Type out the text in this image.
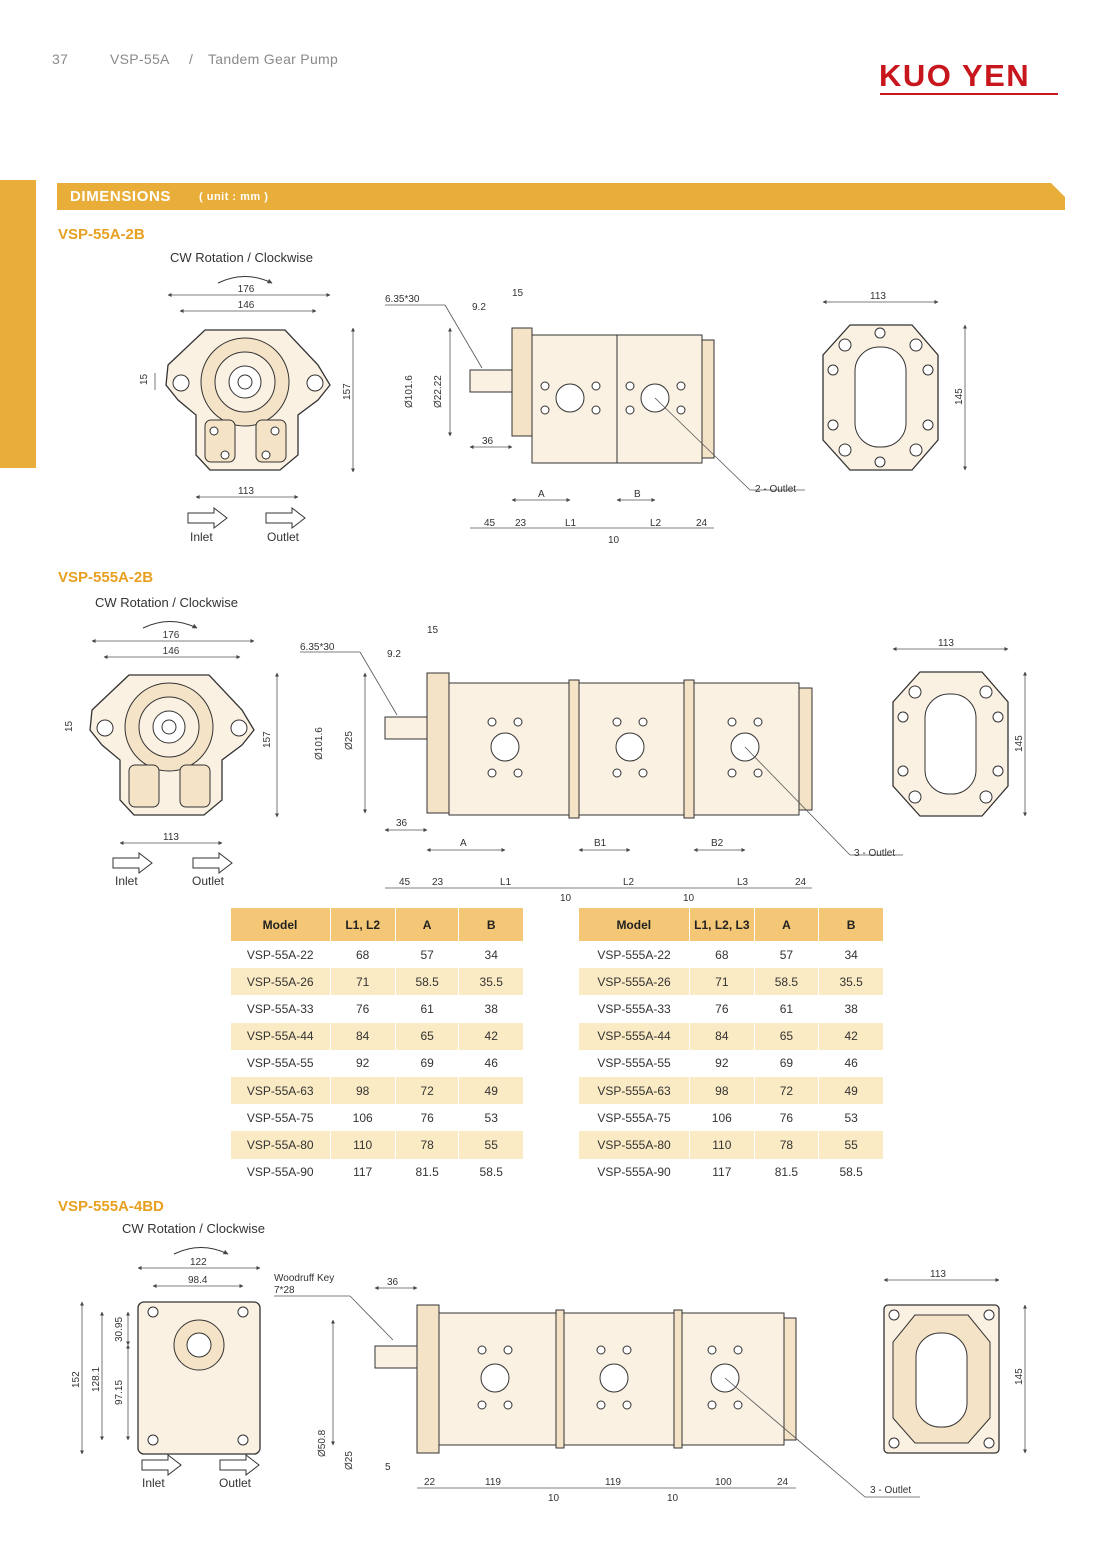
37	VSP-55A / Tandem Gear Pump	KUO YEN
DIMENSIONS	( unit : mm )
VSP-55A-2B
CW Rotation / Clockwise
176
146
113
15
157
6.35*30
9.2
15
Ø101.6 Ø22.22
36
A	B	2 - Outlet
45 23	L1	L2	24
10
113
145
Inlet	Outlet
VSP-555A-2B
CW Rotation / Clockwise
176
146
113
15
157
6.35*30
9.2
15
Ø101.6 Ø25
36
A	B1	B2
3 - Outlet
45 23	L1	L2	L3	24
10	10
113
145
Inlet	Outlet
Model	L1, L2	A	B
VSP-55A-22	68	57	34
VSP-55A-26	71	58.5	35.5
VSP-55A-33	76	61	38
VSP-55A-44	84	65	42
VSP-55A-55	92	69	46
VSP-55A-63	98	72	49
VSP-55A-75	106	76	53
VSP-55A-80	110	78	55
VSP-55A-90	117	81.5	58.5
Model	L1, L2, L3	A	B
VSP-555A-22	68	57	34
VSP-555A-26	71	58.5	35.5
VSP-555A-33	76	61	38
VSP-555A-44	84	65	42
VSP-555A-55	92	69	46
VSP-555A-63	98	72	49
VSP-555A-75	106	76	53
VSP-555A-80	110	78	55
VSP-555A-90	117	81.5	58.5
VSP-555A-4BD
CW Rotation / Clockwise
122
98.4
152 128.1
30.95
97.15
Woodruff Key
7*28
36
Ø50.8
Ø25	5
22	119	119	100	24
10	10
3 - Outlet
113
145
Inlet	Outlet
